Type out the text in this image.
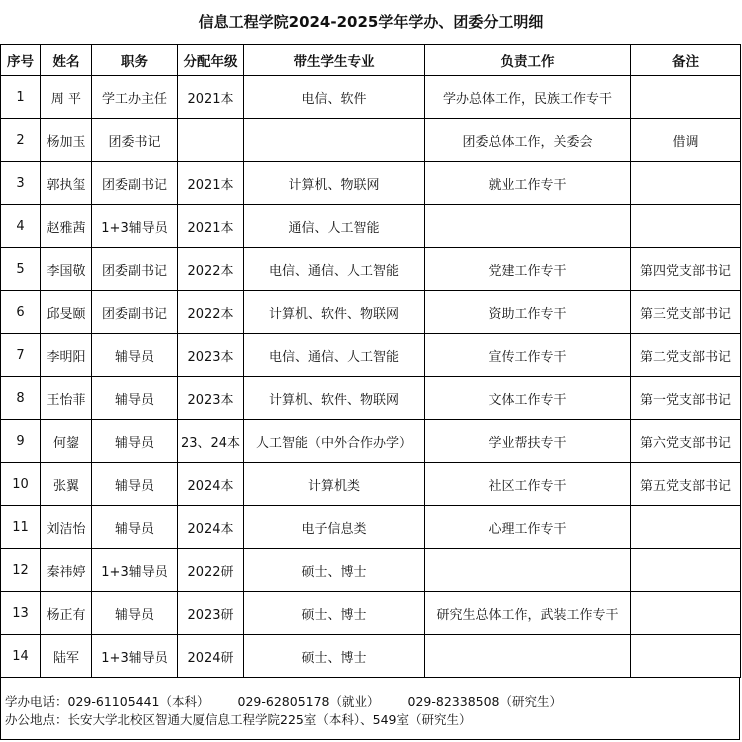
信息工程学院2024-2025学年学办、团委分工明细
序号	姓名	职务	分配年级	带生学生专业	负责工作	备注
1	周 平	学工办主任	2021本	电信、软件	学办总体工作，民族工作专干	
2	杨加玉	团委书记			团委总体工作，关委会	借调
3	郭执玺	团委副书记	2021本	计算机、物联网	就业工作专干	
4	赵雅茜	1+3辅导员	2021本	通信、人工智能		
5	李国敬	团委副书记	2022本	电信、通信、人工智能	党建工作专干	第四党支部书记
6	邱旻颐	团委副书记	2022本	计算机、软件、物联网	资助工作专干	第三党支部书记
7	李明阳	辅导员	2023本	电信、通信、人工智能	宣传工作专干	第二党支部书记
8	王怡菲	辅导员	2023本	计算机、软件、物联网	文体工作专干	第一党支部书记
9	何鋆	辅导员	23、24本	人工智能（中外合作办学）	学业帮扶专干	第六党支部书记
10	张翼	辅导员	2024本	计算机类	社区工作专干	第五党支部书记
11	刘洁怡	辅导员	2024本	电子信息类	心理工作专干	
12	秦祎婷	1+3辅导员	2022研	硕士、博士		
13	杨正有	辅导员	2023研	硕士、博士	研究生总体工作，武装工作专干	
14	陆军	1+3辅导员	2024研	硕士、博士		
学办电话：029-61105441（本科） 029-62805178（就业） 029-82338508（研究生）
办公地点：长安大学北校区智通大厦信息工程学院225室（本科）、549室（研究生）
